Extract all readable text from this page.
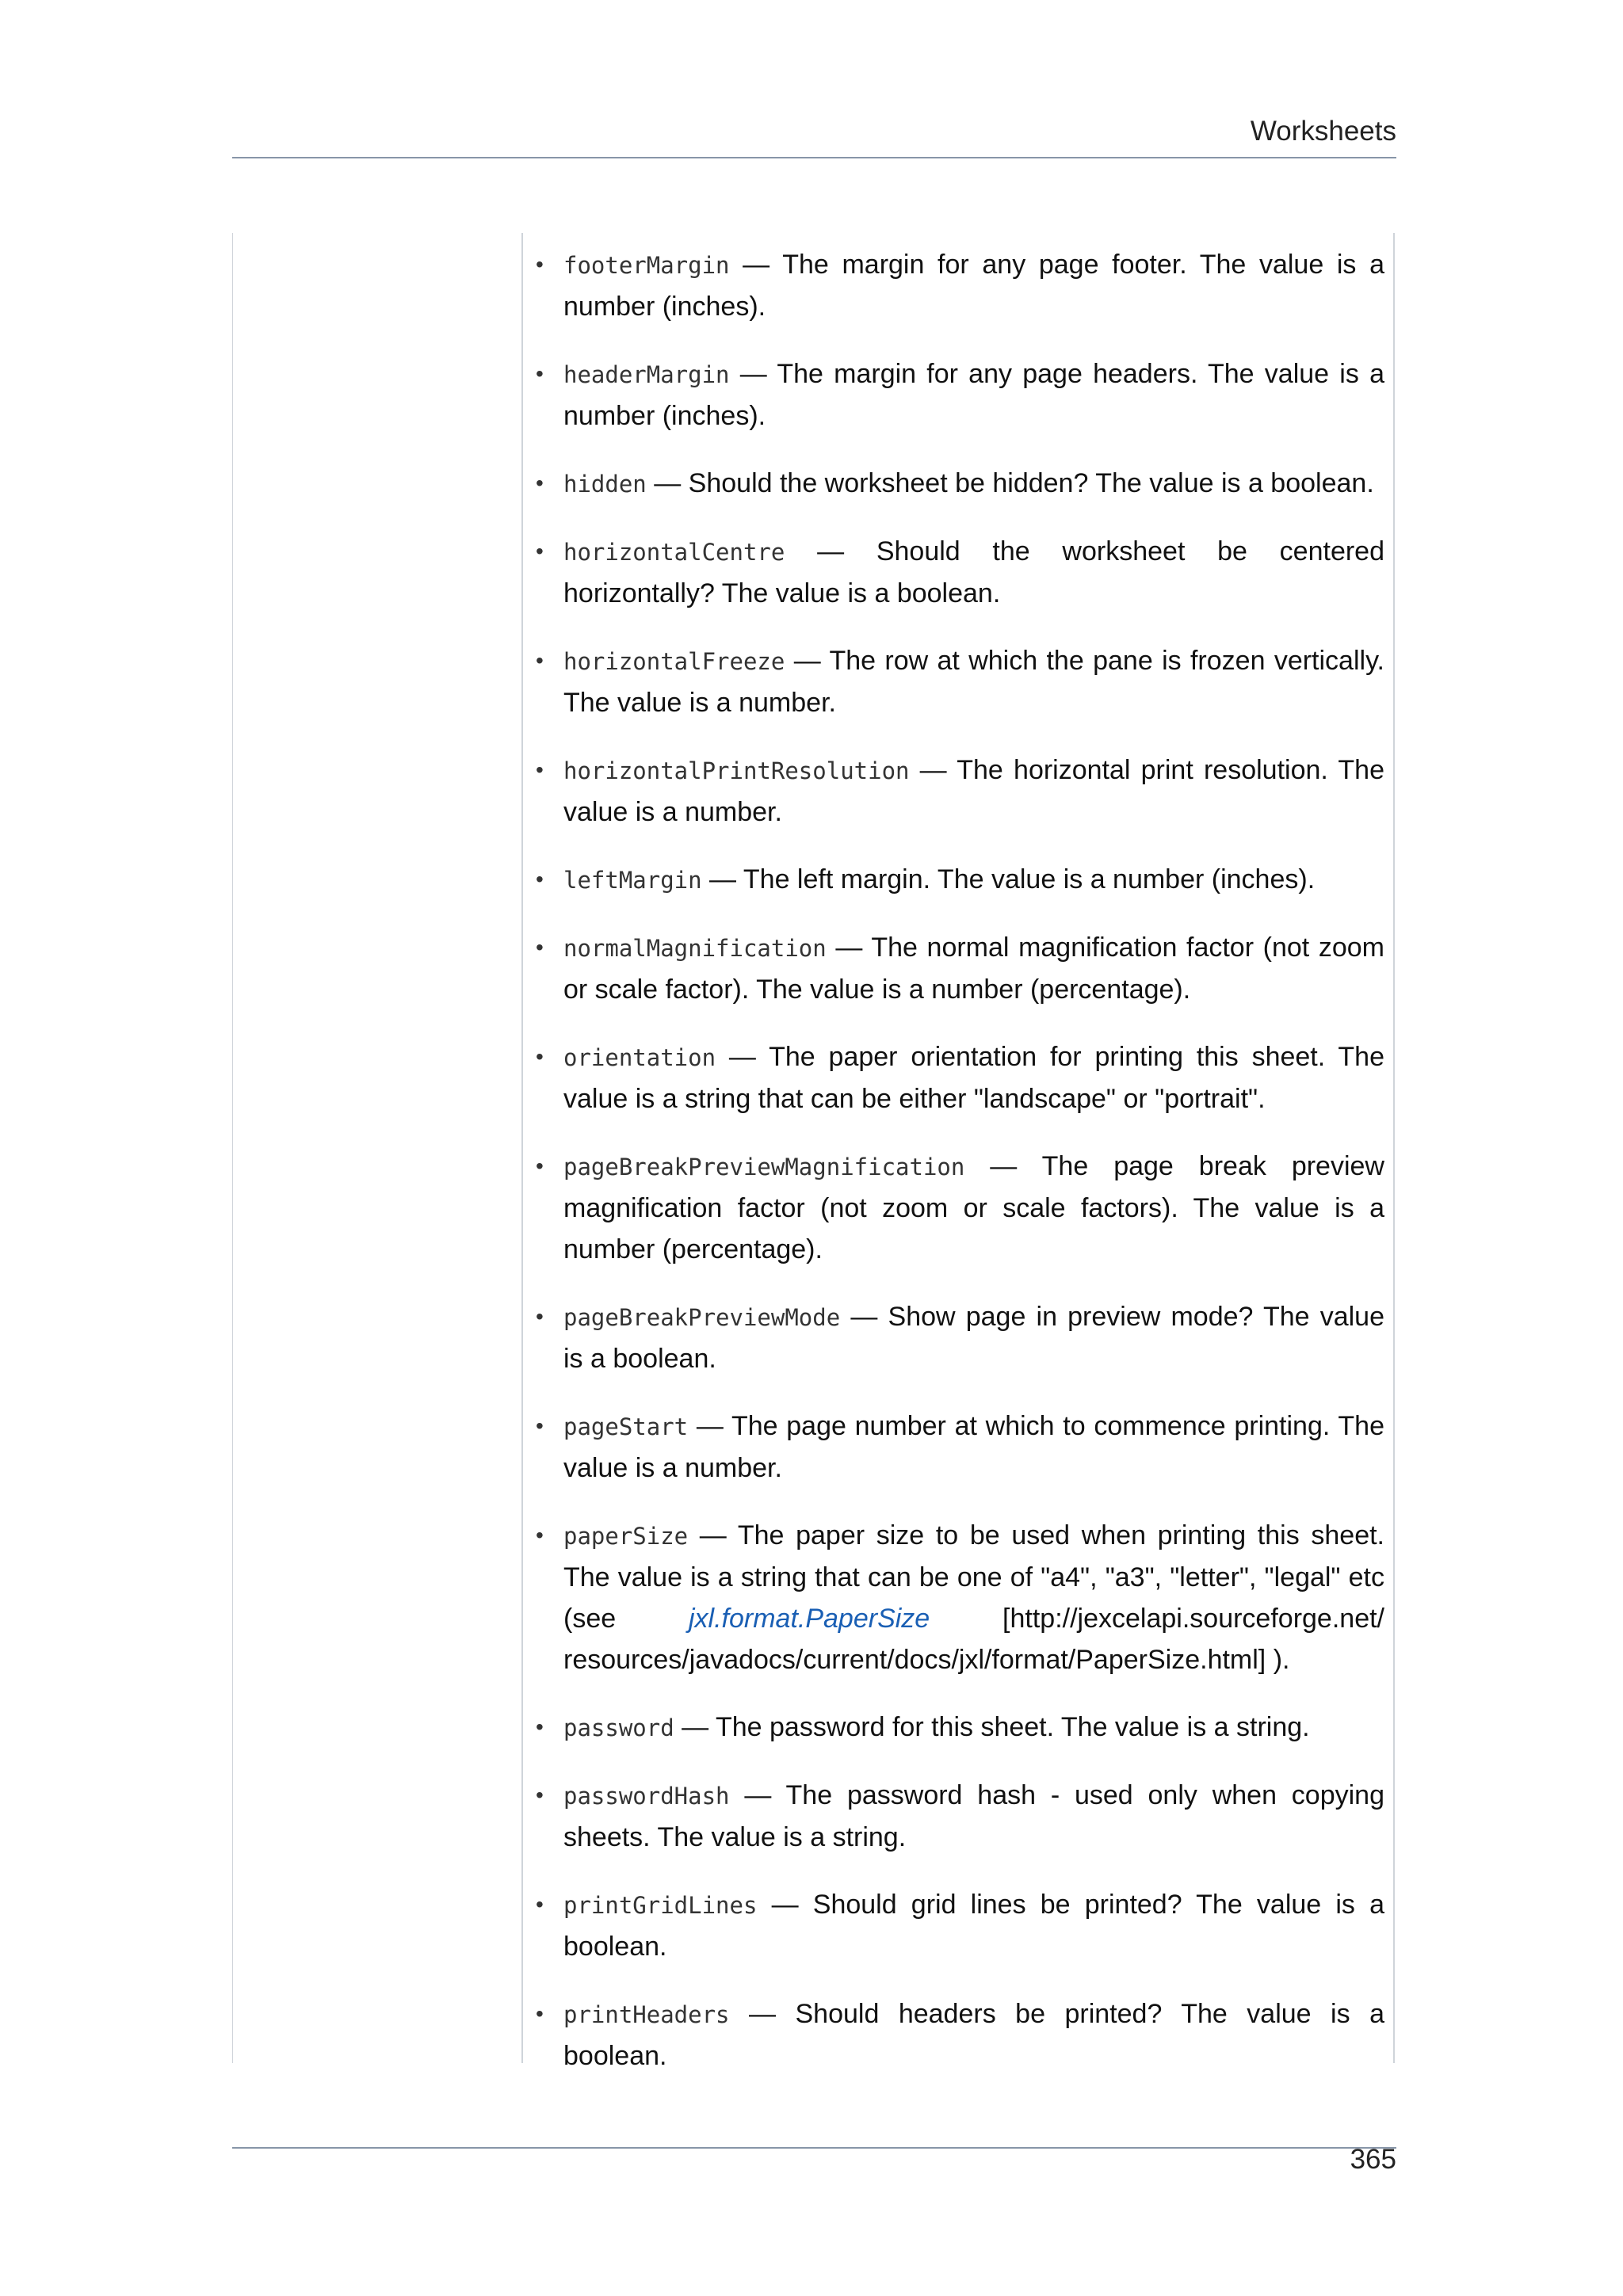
Worksheets
• footerMargin — The margin for any page footer. The value is a number (inches).
• headerMargin — The margin for any page headers. The value is a number (inches).
• hidden — Should the worksheet be hidden? The value is a boolean.
• horizontalCentre — Should the worksheet be centered horizontally? The value is a boolean.
• horizontalFreeze — The row at which the pane is frozen vertically. The value is a number.
• horizontalPrintResolution — The horizontal print resolution. The value is a number.
• leftMargin — The left margin. The value is a number (inches).
• normalMagnification — The normal magnification factor (not zoom or scale factor). The value is a number (percentage).
• orientation — The paper orientation for printing this sheet. The value is a string that can be either "landscape" or "portrait".
• pageBreakPreviewMagnification — The page break preview magnification factor (not zoom or scale factors). The value is a number (percentage).
• pageBreakPreviewMode — Show page in preview mode? The value is a boolean.
• pageStart — The page number at which to commence printing. The value is a number.
• paperSize — The paper size to be used when printing this sheet. The value is a string that can be one of "a4", "a3", "letter", "legal" etc (see jxl.format.PaperSize [http://jexcelapi.sourceforge.net/ resources/javadocs/current/docs/jxl/format/PaperSize.html] ).
• password — The password for this sheet. The value is a string.
• passwordHash — The password hash - used only when copying sheets. The value is a string.
• printGridLines — Should grid lines be printed? The value is a boolean.
• printHeaders — Should headers be printed? The value is a boolean.
365
